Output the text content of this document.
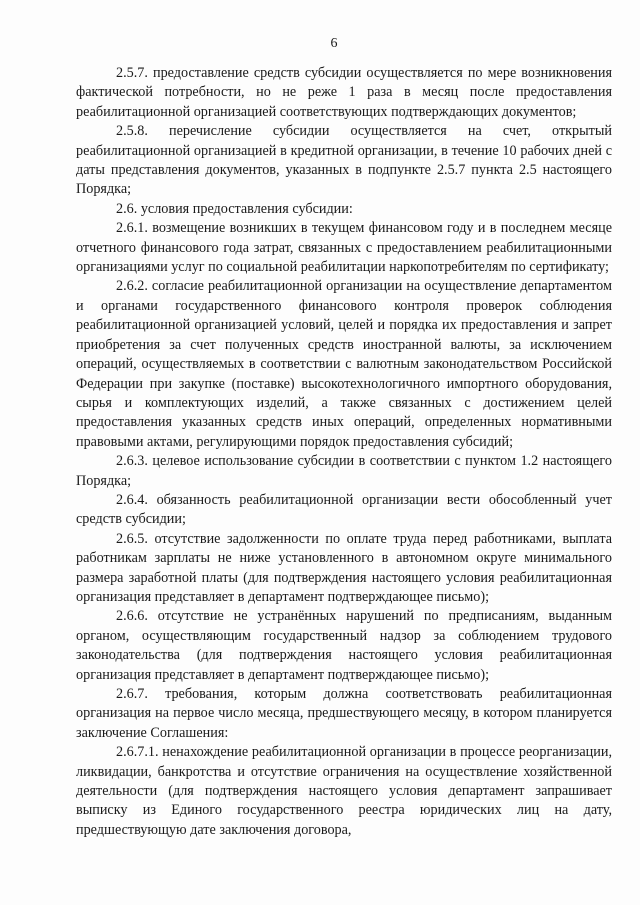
6

2.5.7. предоставление средств субсидии осуществляется по мере возникновения фактической потребности, но не реже 1 раза в месяц после предоставления реабилитационной организацией соответствующих подтверждающих документов;

2.5.8. перечисление субсидии осуществляется на счет, открытый реабилитационной организацией в кредитной организации, в течение 10 рабочих дней с даты представления документов, указанных в подпункте 2.5.7 пункта 2.5 настоящего Порядка;

2.6. условия предоставления субсидии:

2.6.1. возмещение возникших в текущем финансовом году и в последнем месяце отчетного финансового года затрат, связанных с предоставлением реабилитационными организациями услуг по социальной реабилитации наркопотребителям по сертификату;

2.6.2. согласие реабилитационной организации на осуществление департаментом и органами государственного финансового контроля проверок соблюдения реабилитационной организацией условий, целей и порядка их предоставления и запрет приобретения за счет полученных средств иностранной валюты, за исключением операций, осуществляемых в соответствии с валютным законодательством Российской Федерации при закупке (поставке) высокотехнологичного импортного оборудования, сырья и комплектующих изделий, а также связанных с достижением целей предоставления указанных средств иных операций, определенных нормативными правовыми актами, регулирующими порядок предоставления субсидий;

2.6.3. целевое использование субсидии в соответствии с пунктом 1.2 настоящего Порядка;

2.6.4. обязанность реабилитационной организации вести обособленный учет средств субсидии;

2.6.5. отсутствие задолженности по оплате труда перед работниками, выплата работникам зарплаты не ниже установленного в автономном округе минимального размера заработной платы (для подтверждения настоящего условия реабилитационная организация представляет в департамент подтверждающее письмо);

2.6.6. отсутствие не устранённых нарушений по предписаниям, выданным органом, осуществляющим государственный надзор за соблюдением трудового законодательства (для подтверждения настоящего условия реабилитационная организация представляет в департамент подтверждающее письмо);

2.6.7. требования, которым должна соответствовать реабилитационная организация на первое число месяца, предшествующего месяцу, в котором планируется заключение Соглашения:

2.6.7.1. ненахождение реабилитационной организации в процессе реорганизации, ликвидации, банкротства и отсутствие ограничения на осуществление хозяйственной деятельности (для подтверждения настоящего условия департамент запрашивает выписку из Единого государственного реестра юридических лиц на дату, предшествующую дате заключения договора,
